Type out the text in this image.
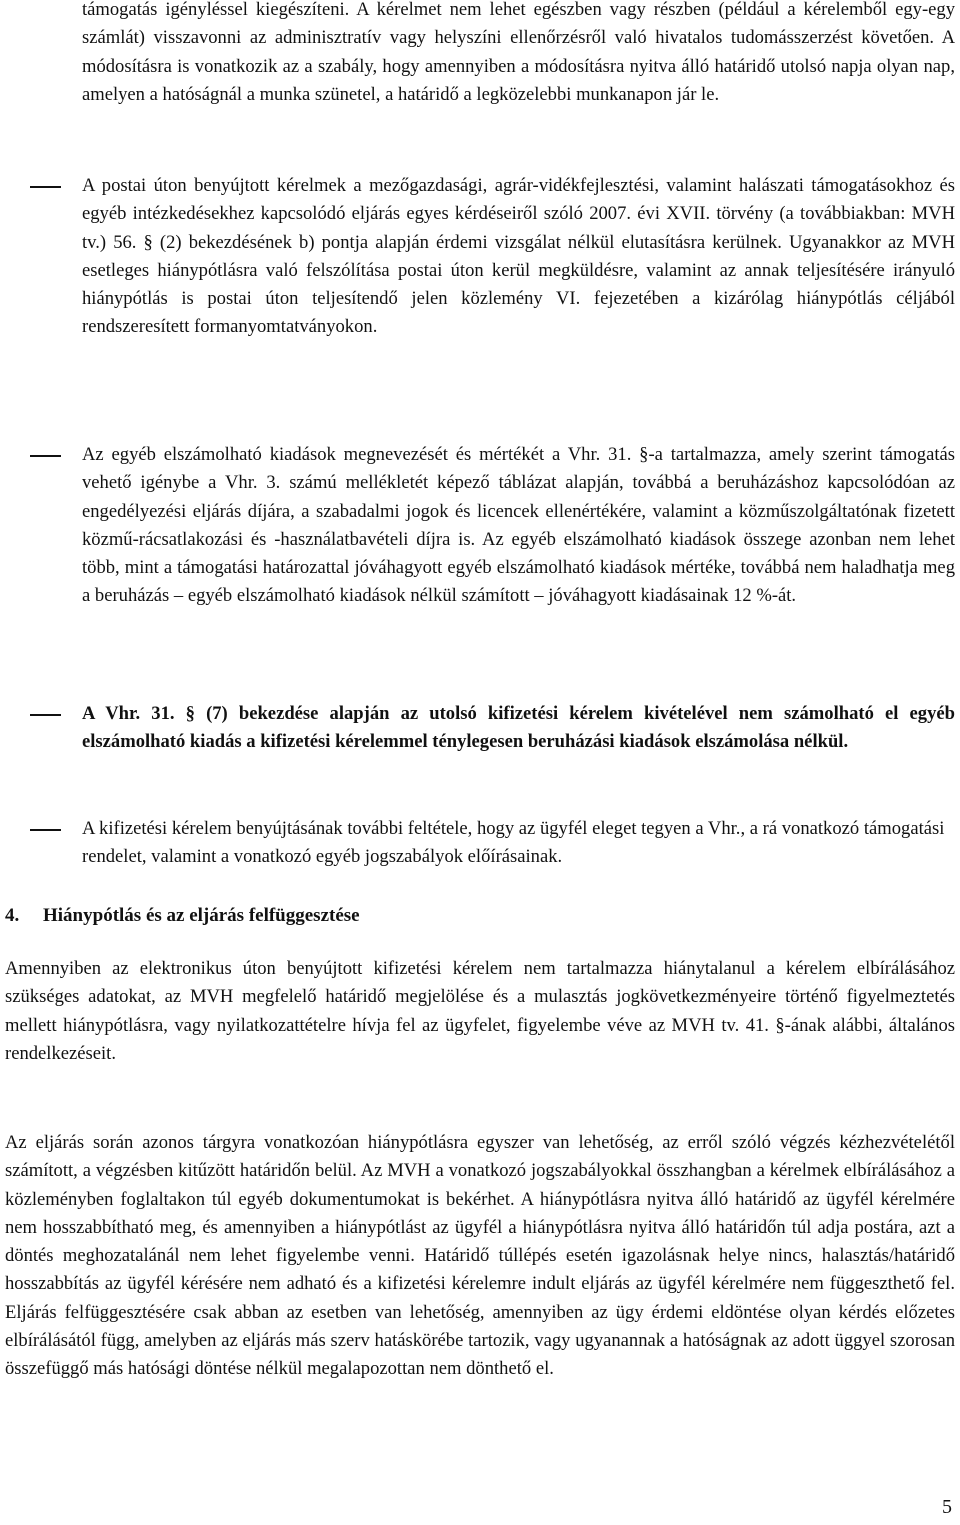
támogatás igényléssel kiegészíteni. A kérelmet nem lehet egészben vagy részben (például a kérelemből egy-egy számlát) visszavonni az adminisztratív vagy helyszíni ellenőrzésről való hivatalos tudomásszerzést követően. A módosításra is vonatkozik az a szabály, hogy amennyiben a módosításra nyitva álló határidő utolsó napja olyan nap, amelyen a hatóságnál a munka szünetel, a határidő a legközelebbi munkanapon jár le.

A postai úton benyújtott kérelmek a mezőgazdasági, agrár-vidékfejlesztési, valamint halászati támogatásokhoz és egyéb intézkedésekhez kapcsolódó eljárás egyes kérdéseiről szóló 2007. évi XVII. törvény (a továbbiakban: MVH tv.) 56. § (2) bekezdésének b) pontja alapján érdemi vizsgálat nélkül elutasításra kerülnek. Ugyanakkor az MVH esetleges hiánypótlásra való felszólítása postai úton kerül megküldésre, valamint az annak teljesítésére irányuló hiánypótlás is postai úton teljesítendő jelen közlemény VI. fejezetében a kizárólag hiánypótlás céljából rendszeresített formanyomtatványokon.

Az egyéb elszámolható kiadások megnevezését és mértékét a Vhr. 31. §-a tartalmazza, amely szerint támogatás vehető igénybe a Vhr. 3. számú mellékletét képező táblázat alapján, továbbá a beruházáshoz kapcsolódóan az engedélyezési eljárás díjára, a szabadalmi jogok és licencek ellenértékére, valamint a közműszolgáltatónak fizetett közmű-rácsatlakozási és -használatbavételi díjra is. Az egyéb elszámolható kiadások összege azonban nem lehet több, mint a támogatási határozattal jóváhagyott egyéb elszámolható kiadások mértéke, továbbá nem haladhatja meg a beruházás – egyéb elszámolható kiadások nélkül számított – jóváhagyott kiadásainak 12 %-át.

A Vhr. 31. § (7) bekezdése alapján az utolsó kifizetési kérelem kivételével nem számolható el egyéb elszámolható kiadás a kifizetési kérelemmel ténylegesen beruházási kiadások elszámolása nélkül.

A kifizetési kérelem benyújtásának további feltétele, hogy az ügyfél eleget tegyen a Vhr., a rá vonatkozó támogatási rendelet, valamint a vonatkozó egyéb jogszabályok előírásainak.

4. Hiánypótlás és az eljárás felfüggesztése

Amennyiben az elektronikus úton benyújtott kifizetési kérelem nem tartalmazza hiánytalanul a kérelem elbírálásához szükséges adatokat, az MVH megfelelő határidő megjelölése és a mulasztás jogkövetkezményeire történő figyelmeztetés mellett hiánypótlásra, vagy nyilatkozattételre hívja fel az ügyfelet, figyelembe véve az MVH tv. 41. §-ának alábbi, általános rendelkezéseit.

Az eljárás során azonos tárgyra vonatkozóan hiánypótlásra egyszer van lehetőség, az erről szóló végzés kézhezvételétől számított, a végzésben kitűzött határidőn belül. Az MVH a vonatkozó jogszabályokkal összhangban a kérelmek elbírálásához a közleményben foglaltakon túl egyéb dokumentumokat is bekérhet. A hiánypótlásra nyitva álló határidő az ügyfél kérelmére nem hosszabbítható meg, és amennyiben a hiánypótlást az ügyfél a hiánypótlásra nyitva álló határidőn túl adja postára, azt a döntés meghozatalánál nem lehet figyelembe venni. Határidő túllépés esetén igazolásnak helye nincs, halasztás/határidő hosszabbítás az ügyfél kérésére nem adható és a kifizetési kérelemre indult eljárás az ügyfél kérelmére nem függeszthető fel. Eljárás felfüggesztésére csak abban az esetben van lehetőség, amennyiben az ügy érdemi eldöntése olyan kérdés előzetes elbírálásától függ, amelyben az eljárás más szerv hatáskörébe tartozik, vagy ugyanannak a hatóságnak az adott üggyel szorosan összefüggő más hatósági döntése nélkül megalapozottan nem dönthető el.

5
